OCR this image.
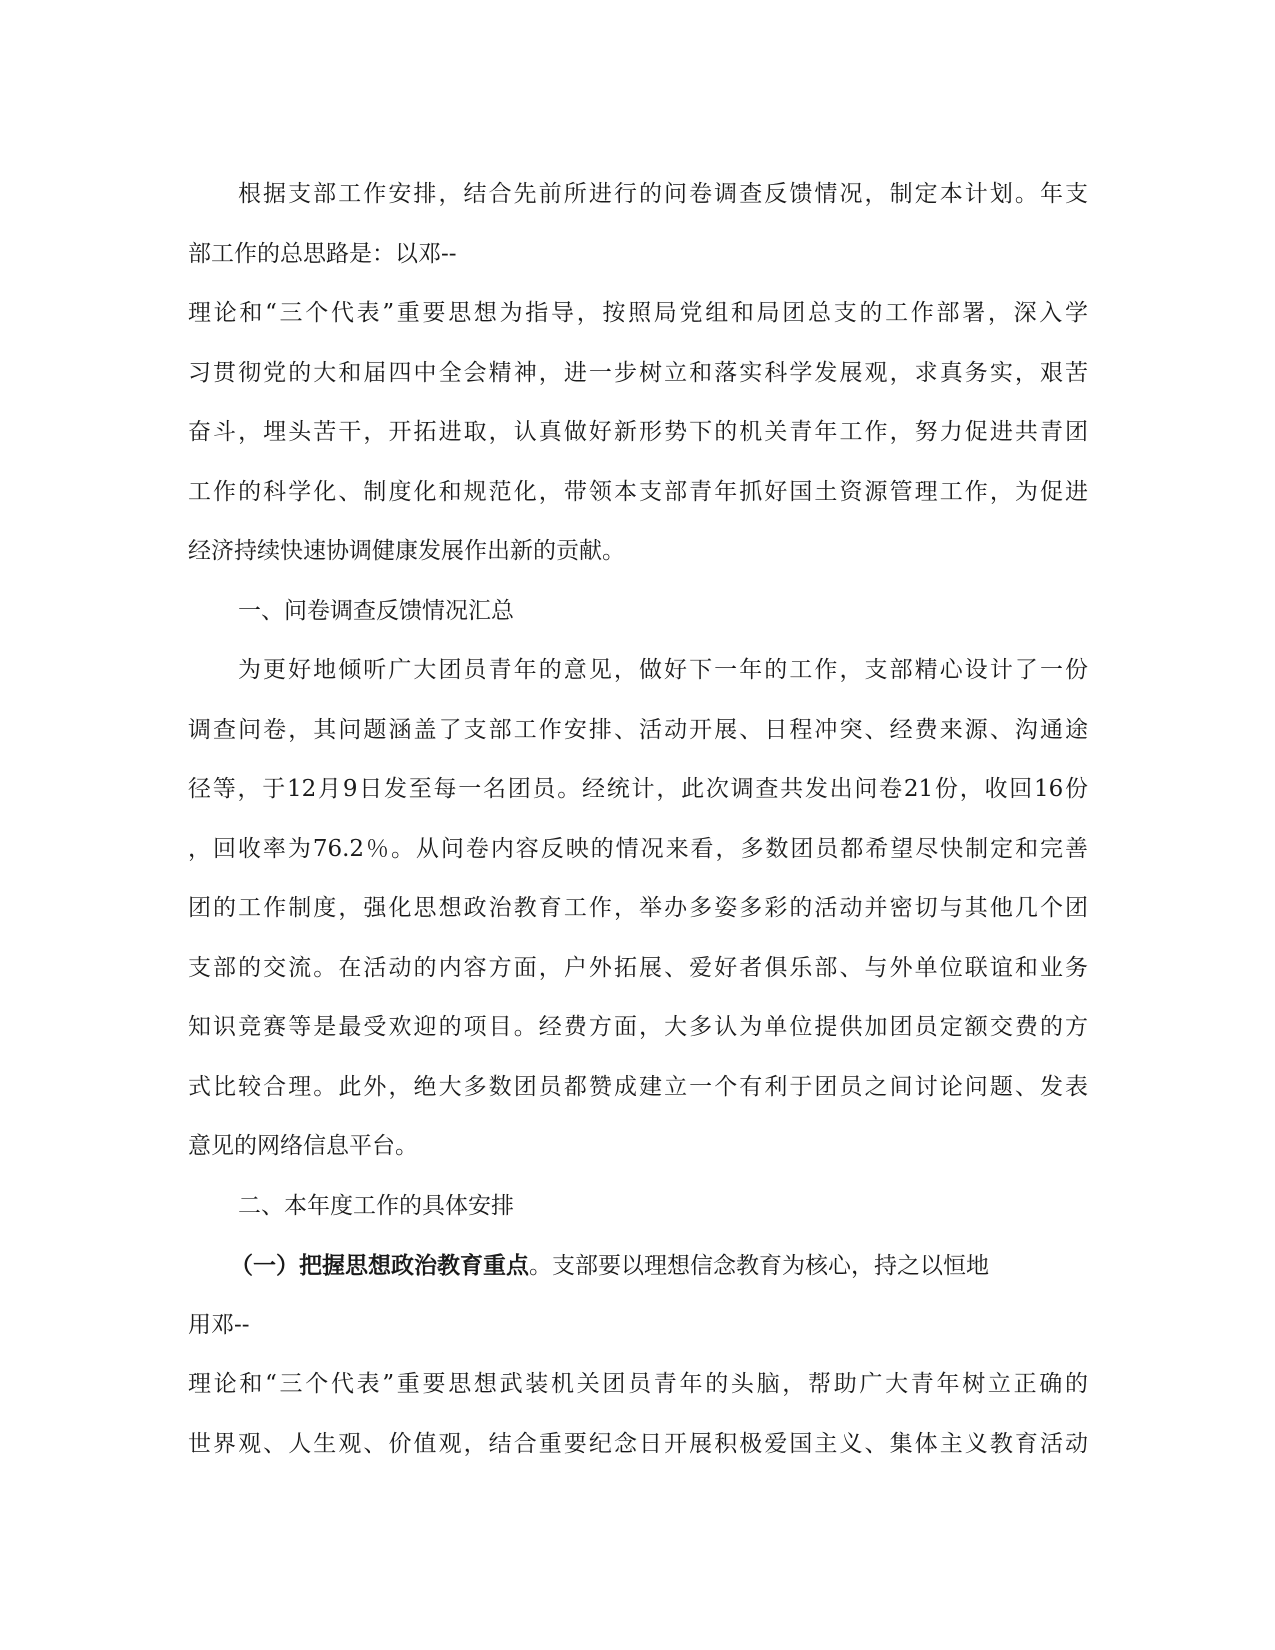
根据支部工作安排，结合先前所进行的问卷调查反馈情况，制定本计划。年支
部工作的总思路是：以邓--
理论和“三个代表”重要思想为指导，按照局党组和局团总支的工作部署，深入学
习贯彻党的大和届四中全会精神，进一步树立和落实科学发展观，求真务实，艰苦
奋斗，埋头苦干，开拓进取，认真做好新形势下的机关青年工作，努力促进共青团
工作的科学化、制度化和规范化，带领本支部青年抓好国土资源管理工作，为促进
经济持续快速协调健康发展作出新的贡献。
一、问卷调查反馈情况汇总
为更好地倾听广大团员青年的意见，做好下一年的工作，支部精心设计了一份
调查问卷，其问题涵盖了支部工作安排、活动开展、日程冲突、经费来源、沟通途
径等，于12月9日发至每一名团员。经统计，此次调查共发出问卷21份，收回16份
，回收率为76.2％。从问卷内容反映的情况来看，多数团员都希望尽快制定和完善
团的工作制度，强化思想政治教育工作，举办多姿多彩的活动并密切与其他几个团
支部的交流。在活动的内容方面，户外拓展、爱好者俱乐部、与外单位联谊和业务
知识竞赛等是最受欢迎的项目。经费方面，大多认为单位提供加团员定额交费的方
式比较合理。此外，绝大多数团员都赞成建立一个有利于团员之间讨论问题、发表
意见的网络信息平台。
二、本年度工作的具体安排
（一）把握思想政治教育重点。支部要以理想信念教育为核心，持之以恒地
用邓--
理论和“三个代表”重要思想武装机关团员青年的头脑，帮助广大青年树立正确的
世界观、人生观、价值观，结合重要纪念日开展积极爱国主义、集体主义教育活动
